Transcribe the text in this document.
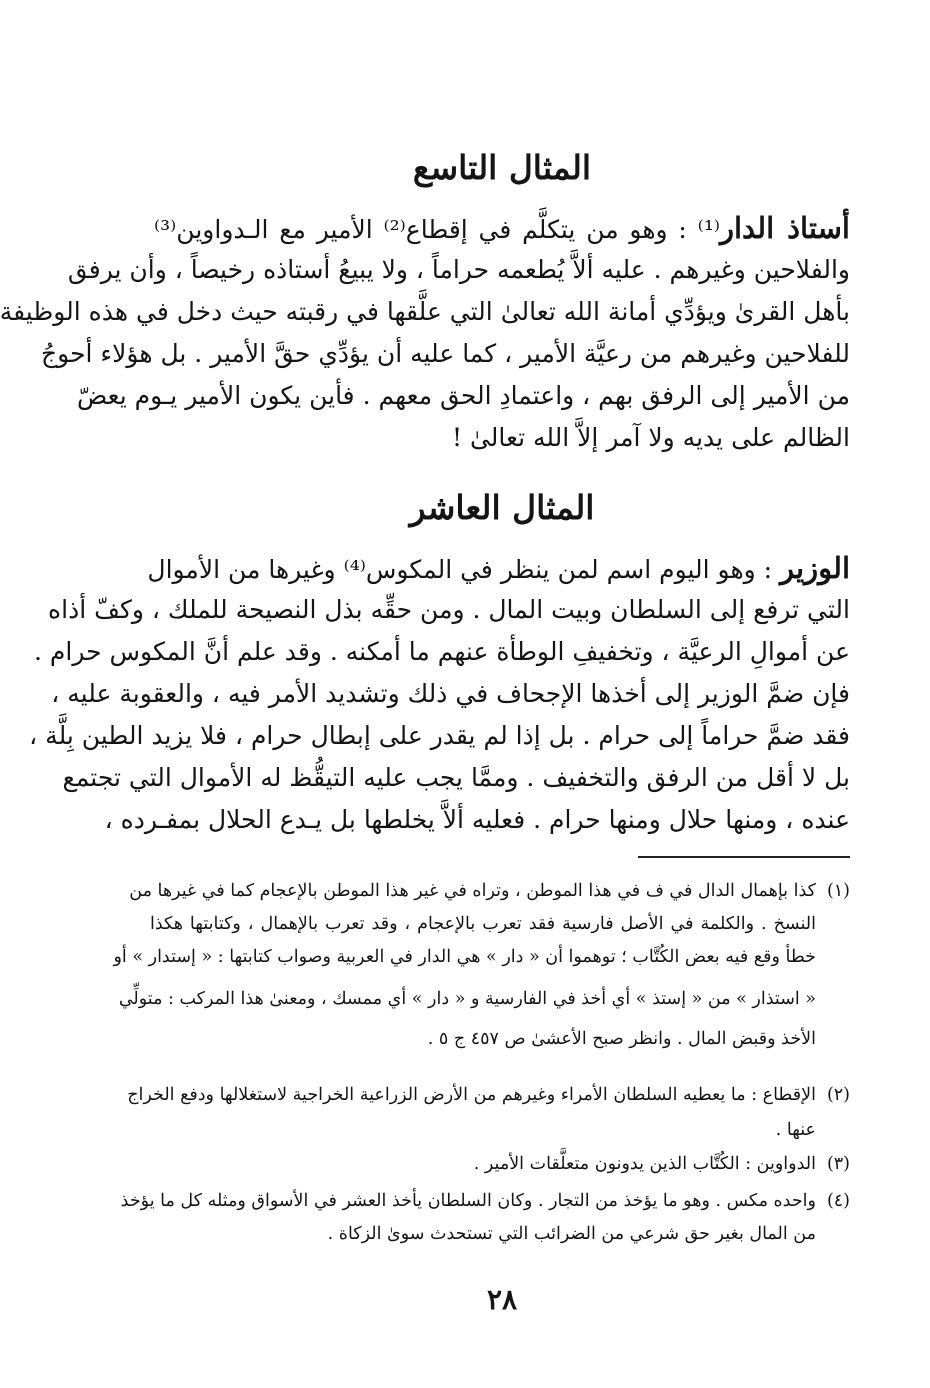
المثال التاسع
أستاذ الدار⁽¹⁾ : وهو من يتكلَّم في إقطاع⁽²⁾ الأمير مع الـدواوين⁽³⁾
والفلاحين وغيرهم . عليه ألاَّ يُطعمه حراماً ، ولا يبيعُ أستاذه رخيصاً ، وأن يرفق
بأهل القرىٰ ويؤدِّي أمانة الله تعالىٰ التي علَّقها في رقبته حيث دخل في هذه الوظيفة
للفلاحين وغيرهم من رعيَّة الأمير ، كما عليه أن يؤدِّي حقَّ الأمير . بل هؤلاء أحوجُ
من الأمير إلى الرفق بهم ، واعتمادِ الحق معهم . فأين يكون الأمير يـوم يعضّ
الظالم على يديه ولا آمر إلاَّ الله تعالىٰ !
المثال العاشر
الوزير : وهو اليوم اسم لمن ينظر في المكوس⁽⁴⁾ وغيرها من الأموال
التي ترفع إلى السلطان وبيت المال . ومن حقِّه بذل النصيحة للملك ، وكفّ أذاه
عن أموالِ الرعيَّة ، وتخفيفِ الوطأة عنهم ما أمكنه . وقد علم أنَّ المكوس حرام .
فإن ضمَّ الوزير إلى أخذها الإجحاف في ذلك وتشديد الأمر فيه ، والعقوبة عليه ،
فقد ضمَّ حراماً إلى حرام . بل إذا لم يقدر على إبطال حرام ، فلا يزيد الطين بِلَّة ،
بل لا أقل من الرفق والتخفيف . وممَّا يجب عليه التيقُّظ له الأموال التي تجتمع
عنده ، ومنها حلال ومنها حرام . فعليه ألاَّ يخلطها بل يـدع الحلال بمفـرده ،
(١)كذا بإهمال الدال في ف في هذا الموطن ، وتراه في غير هذا الموطن بالإعجام كما في غيرها من
النسخ . والكلمة في الأصل فارسية فقد تعرب بالإعجام ، وقد تعرب بالإهمال ، وكتابتها هكذا
خطأ وقع فيه بعض الكُتَّاب ؛ توهموا أن « دار » هي الدار في العربية وصواب كتابتها : « إستدار » أو
« استذار » من « إستذ » أي أخذ في الفارسية و « دار » أي ممسك ، ومعنىٰ هذا المركب : متولِّي
الأخذ وقبض المال . وانظر صبح الأعشىٰ ص ٤٥٧ ج ٥ .
(٢)الإقطاع : ما يعطيه السلطان الأمراء وغيرهم من الأرض الزراعية الخراجية لاستغلالها ودفع الخراج
عنها .
(٣)الدواوين : الكُتَّاب الذين يدونون متعلَّقات الأمير .
(٤)واحده مكس . وهو ما يؤخذ من التجار . وكان السلطان يأخذ العشر في الأسواق ومثله كل ما يؤخذ
من المال بغير حق شرعي من الضرائب التي تستحدث سوىٰ الزكاة .
٢٨
